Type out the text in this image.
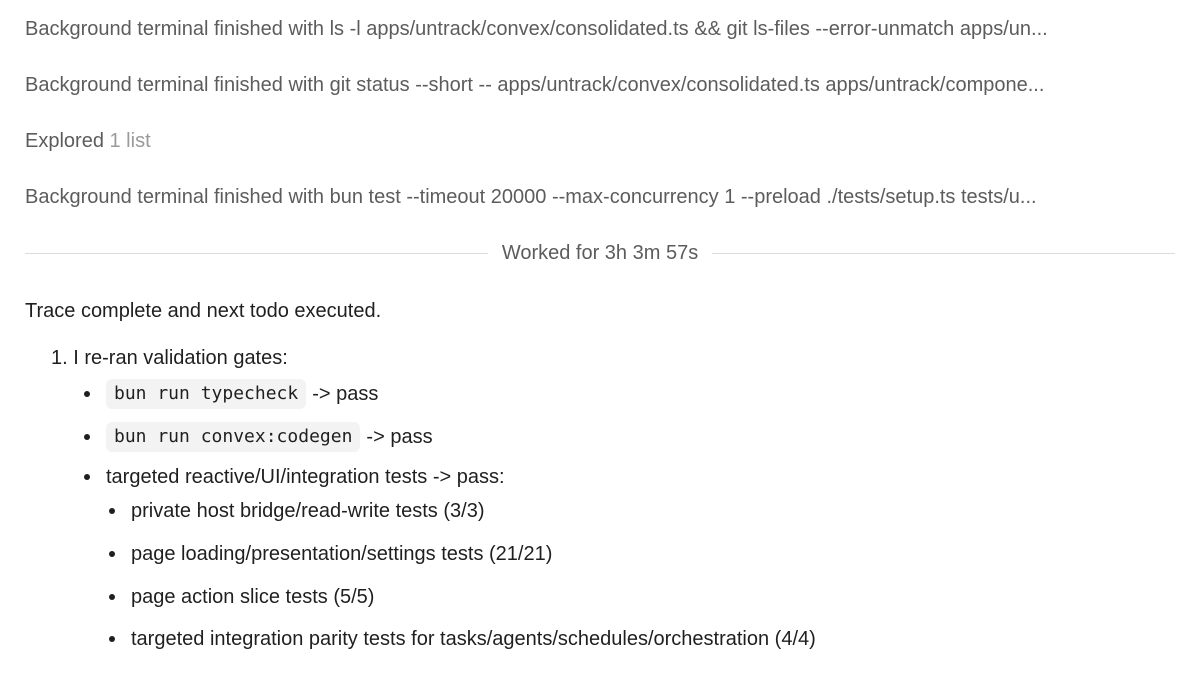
Background terminal finished with ls -l apps/untrack/convex/consolidated.ts && git ls-files --error-unmatch apps/un...
Background terminal finished with git status --short -- apps/untrack/convex/consolidated.ts apps/untrack/compone...
Explored 1 list
Background terminal finished with bun test --timeout 20000 --max-concurrency 1 --preload ./tests/setup.ts tests/u...
Worked for 3h 3m 57s
Trace complete and next todo executed.
1. I re-ran validation gates:
bun run typecheck -> pass
bun run convex:codegen -> pass
targeted reactive/UI/integration tests -> pass:
private host bridge/read-write tests (3/3)
page loading/presentation/settings tests (21/21)
page action slice tests (5/5)
targeted integration parity tests for tasks/agents/schedules/orchestration (4/4)
